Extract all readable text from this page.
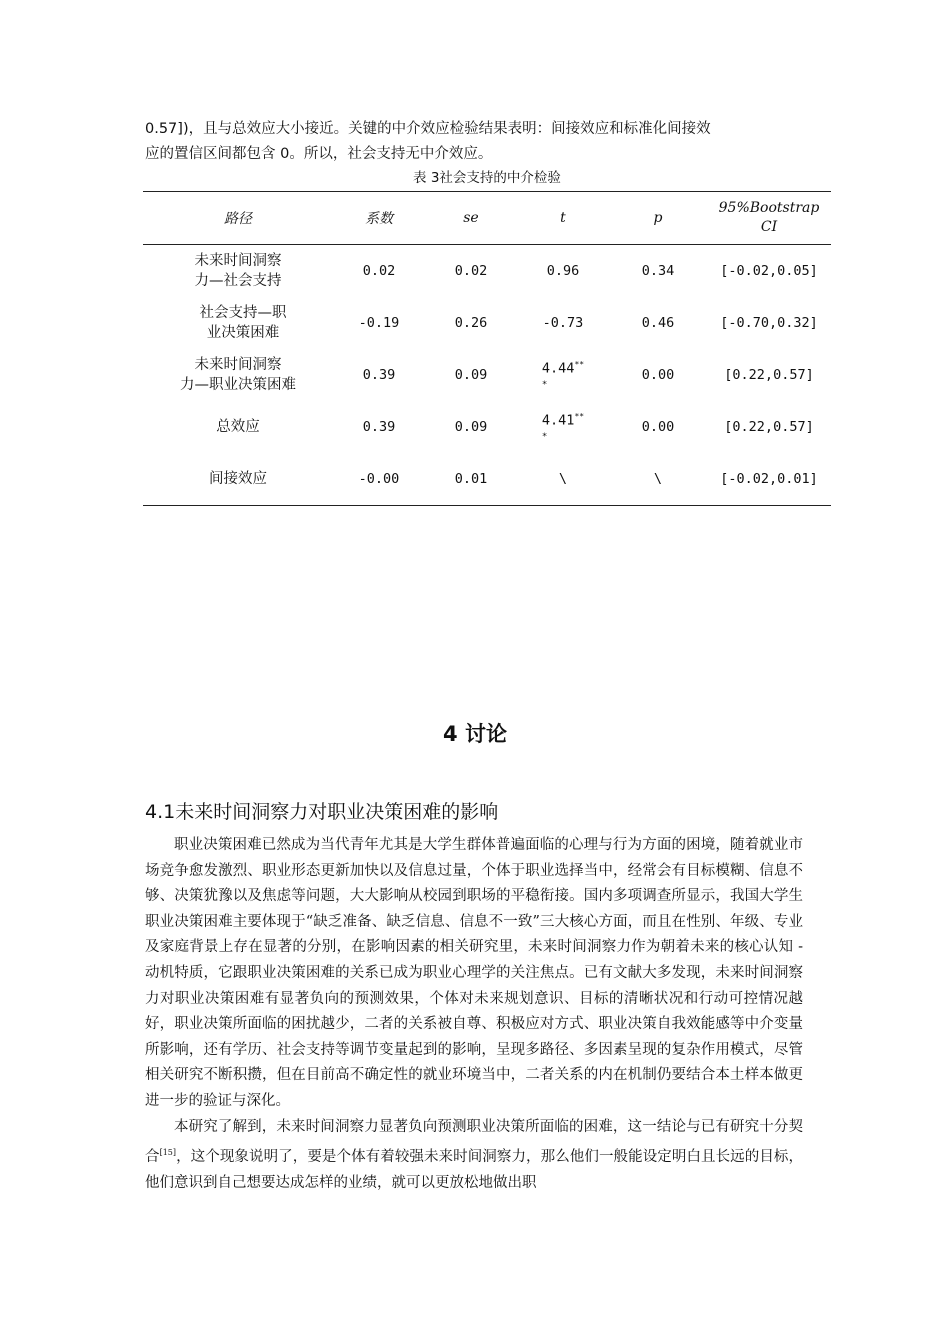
0.57])，且与总效应大小接近。关键的中介效应检验结果表明：间接效应和标准化间接效

应的置信区间都包含 0。所以，社会支持无中介效应。

表 3社会支持的中介检验
路径	系数	se	t	p	95%Bootstrap
CI
未来时间洞察
力—社会支持	0.02	0.02	0.96	0.34	[-0.02,0.05]
社会支持—职
业决策困难	-0.19	0.26	-0.73	0.46	[-0.70,0.32]
未来时间洞察
力—职业决策困难	0.39	0.09	4.44**
*	0.00	[0.22,0.57]
总效应	0.39	0.09	4.41**
*	0.00	[0.22,0.57]
间接效应	-0.00	0.01	\	\	[-0.02,0.01]
4 讨论
4.1未来时间洞察力对职业决策困难的影响

职业决策困难已然成为当代青年尤其是大学生群体普遍面临的心理与行为方面的困境，随着就业市场竞争愈发激烈、职业形态更新加快以及信息过量，个体于职业选择当中，经常会有目标模糊、信息不够、决策犹豫以及焦虑等问题，大大影响从校园到职场的平稳衔接。国内多项调查所显示，我国大学生职业决策困难主要体现于“缺乏准备、缺乏信息、信息不一致”三大核心方面，而且在性别、年级、专业及家庭背景上存在显著的分别，在影响因素的相关研究里，未来时间洞察力作为朝着未来的核心认知 - 动机特质，它跟职业决策困难的关系已成为职业心理学的关注焦点。已有文献大多发现，未来时间洞察力对职业决策困难有显著负向的预测效果，个体对未来规划意识、目标的清晰状况和行动可控情况越好，职业决策所面临的困扰越少，二者的关系被自尊、积极应对方式、职业决策自我效能感等中介变量所影响，还有学历、社会支持等调节变量起到的影响，呈现多路径、多因素呈现的复杂作用模式，尽管相关研究不断积攒，但在目前高不确定性的就业环境当中，二者关系的内在机制仍要结合本土样本做更进一步的验证与深化。

本研究了解到，未来时间洞察力显著负向预测职业决策所面临的困难，这一结论与已有研究十分契合[15]，这个现象说明了，要是个体有着较强未来时间洞察力，那么他们一般能设定明白且长远的目标，他们意识到自己想要达成怎样的业绩，就可以更放松地做出职
